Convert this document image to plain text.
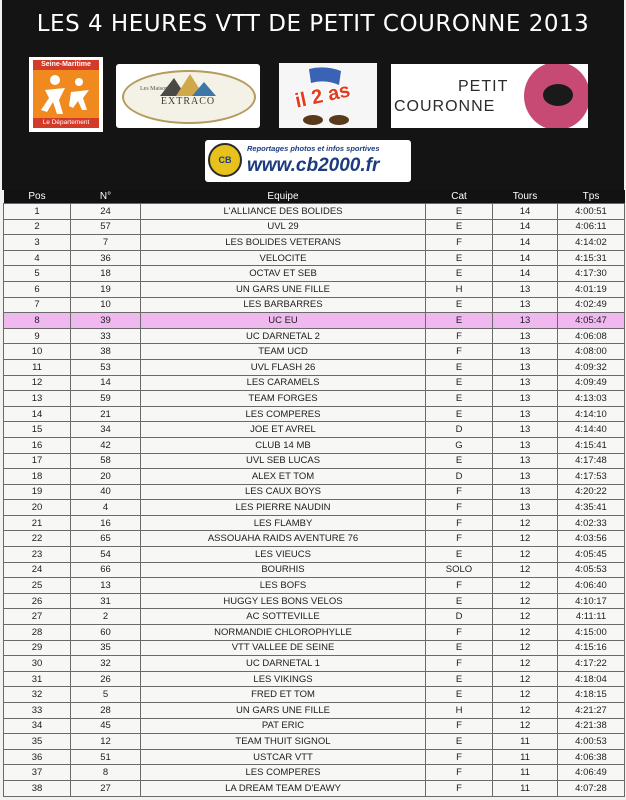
LES 4 HEURES VTT DE PETIT COURONNE 2013
Seine-Maritime
Le Département
Les Maisons
EXTRACO	il 2 as	PETIT
COURONNE
CB
Reportages photos et infos sportives
www.cb2000.fr
Pos	N°	Equipe	Cat	Tours	Tps
1	24	L'ALLIANCE DES BOLIDES	E	14	4:00:51
2	57	UVL 29	E	14	4:06:11
3	7	LES BOLIDES VETERANS	F	14	4:14:02
4	36	VELOCITE	E	14	4:15:31
5	18	OCTAV ET SEB	E	14	4:17:30
6	19	UN GARS UNE FILLE	H	13	4:01:19
7	10	LES BARBARRES	E	13	4:02:49
8	39	UC EU	E	13	4:05:47
9	33	UC DARNETAL 2	F	13	4:06:08
10	38	TEAM UCD	F	13	4:08:00
11	53	UVL FLASH 26	E	13	4:09:32
12	14	LES CARAMELS	E	13	4:09:49
13	59	TEAM FORGES	E	13	4:13:03
14	21	LES COMPERES	E	13	4:14:10
15	34	JOE ET AVREL	D	13	4:14:40
16	42	CLUB 14 MB	G	13	4:15:41
17	58	UVL SEB LUCAS	E	13	4:17:48
18	20	ALEX ET TOM	D	13	4:17:53
19	40	LES CAUX BOYS	F	13	4:20:22
20	4	LES PIERRE NAUDIN	F	13	4:35:41
21	16	LES FLAMBY	F	12	4:02:33
22	65	ASSOUAHA RAIDS AVENTURE 76	F	12	4:03:56
23	54	LES VIEUCS	E	12	4:05:45
24	66	BOURHIS	SOLO	12	4:05:53
25	13	LES BOFS	F	12	4:06:40
26	31	HUGGY LES BONS VELOS	E	12	4:10:17
27	2	AC SOTTEVILLE	D	12	4:11:11
28	60	NORMANDIE CHLOROPHYLLE	F	12	4:15:00
29	35	VTT VALLEE DE SEINE	E	12	4:15:16
30	32	UC DARNETAL 1	F	12	4:17:22
31	26	LES VIKINGS	E	12	4:18:04
32	5	FRED ET TOM	E	12	4:18:15
33	28	UN GARS UNE FILLE	H	12	4:21:27
34	45	PAT ERIC	F	12	4:21:38
35	12	TEAM THUIT SIGNOL	E	11	4:00:53
36	51	USTCAR VTT	F	11	4:06:38
37	8	LES COMPERES	F	11	4:06:49
38	27	LA DREAM TEAM D'EAWY	F	11	4:07:28
